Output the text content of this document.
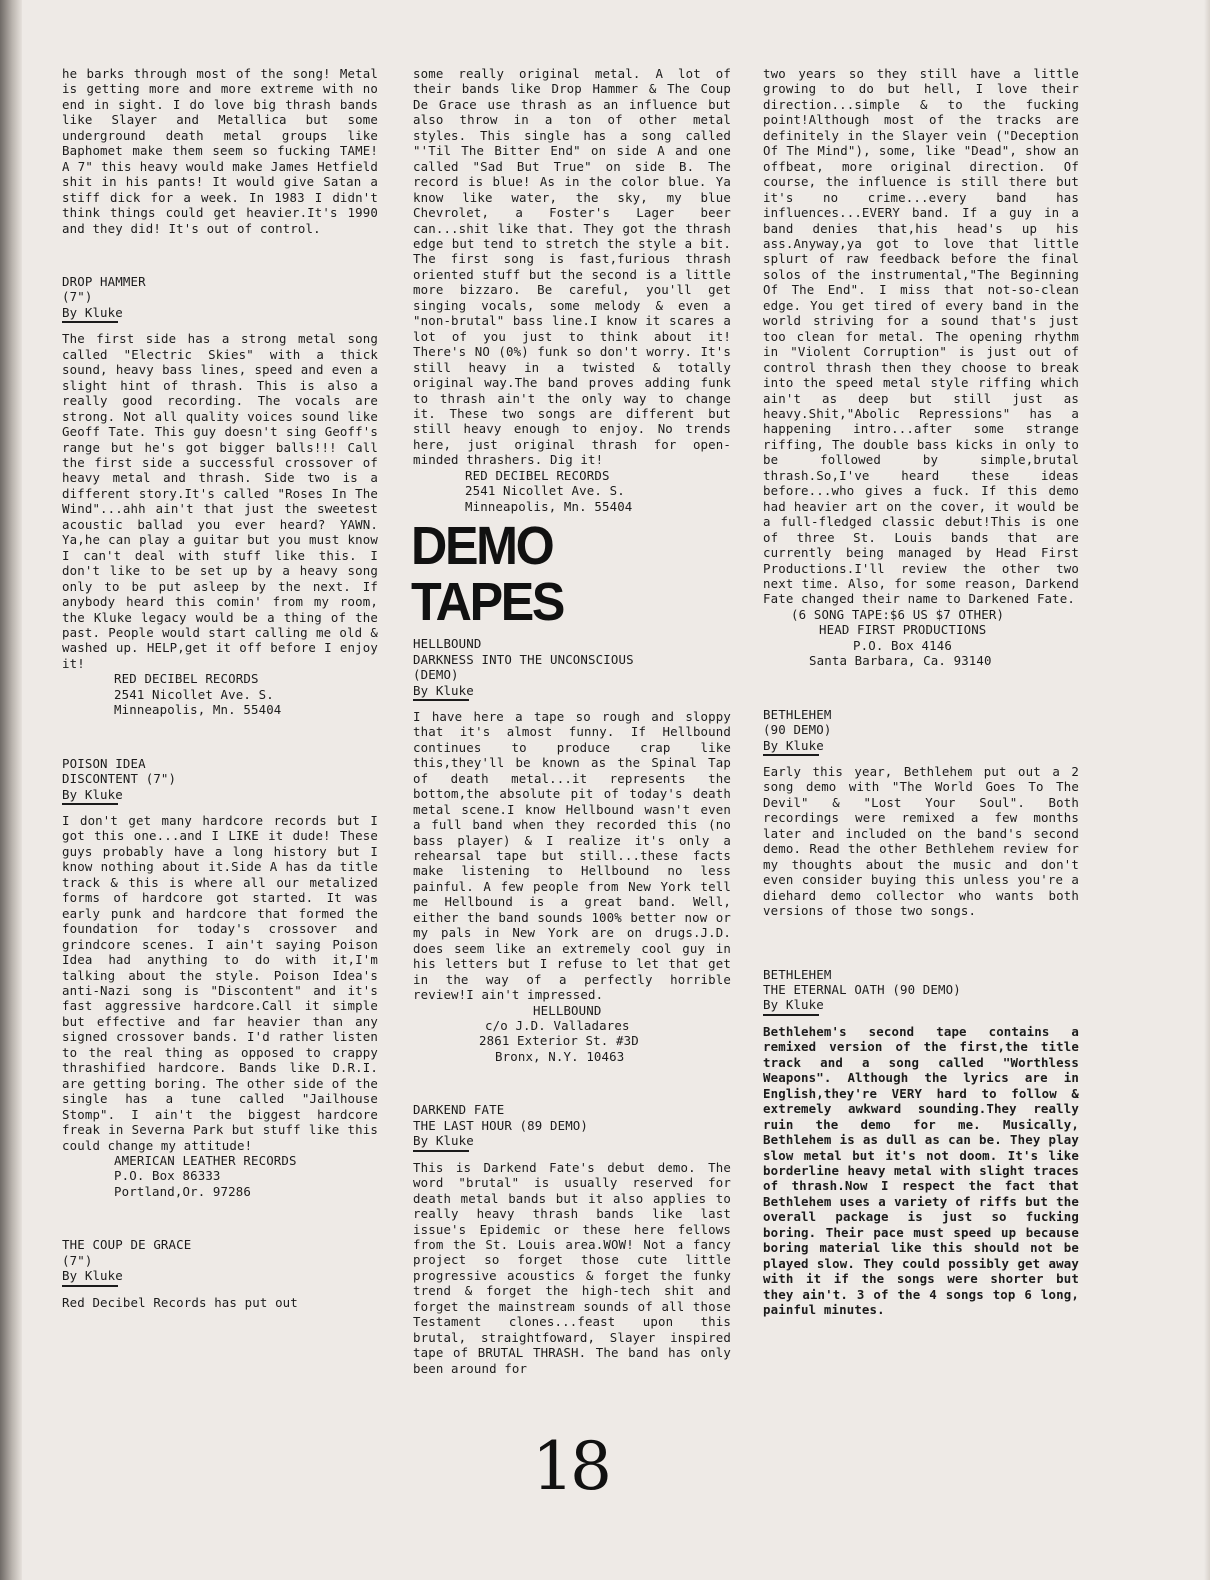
he barks through most of the song! Metal is getting more and more extreme with no end in sight. I do love big thrash bands like Slayer and Metallica but some underground death metal groups like Baphomet make them seem so fucking TAME! A 7" this heavy would make James Hetfield shit in his pants! It would give Satan a stiff dick for a week. In 1983 I didn't think things could get heavier.It's 1990 and they did! It's out of control.

DROP HAMMER
(7")
By Kluke

The first side has a strong metal song called "Electric Skies" with a thick sound, heavy bass lines, speed and even a slight hint of thrash. This is also a really good recording. The vocals are strong. Not all quality voices sound like Geoff Tate. This guy doesn't sing Geoff's range but he's got bigger balls!!! Call the first side a successful crossover of heavy metal and thrash. Side two is a different story.It's called "Roses In The Wind"...ahh ain't that just the sweetest acoustic ballad you ever heard? YAWN. Ya,he can play a guitar but you must know I can't deal with stuff like this. I don't like to be set up by a heavy song only to be put asleep by the next. If anybody heard this comin' from my room, the Kluke legacy would be a thing of the past. People would start calling me old & washed up. HELP,get it off before I enjoy it!

RED DECIBEL RECORDS
2541 Nicollet Ave. S.
Minneapolis, Mn. 55404
POISON IDEA
DISCONTENT (7")
By Kluke

I don't get many hardcore records but I got this one...and I LIKE it dude! These guys probably have a long history but I know nothing about it.Side A has da title track & this is where all our metalized forms of hardcore got started. It was early punk and hardcore that formed the foundation for today's crossover and grindcore scenes. I ain't saying Poison Idea had anything to do with it,I'm talking about the style. Poison Idea's anti-Nazi song is "Discontent" and it's fast aggressive hardcore.Call it simple but effective and far heavier than any signed crossover bands. I'd rather listen to the real thing as opposed to crappy thrashified hardcore. Bands like D.R.I. are getting boring. The other side of the single has a tune called "Jailhouse Stomp". I ain't the biggest hardcore freak in Severna Park but stuff like this could change my attitude!

AMERICAN LEATHER RECORDS
P.O. Box 86333
Portland,Or. 97286
THE COUP DE GRACE
(7")
By Kluke

Red Decibel Records has put out

some really original metal. A lot of their bands like Drop Hammer & The Coup De Grace use thrash as an influence but also throw in a ton of other metal styles. This single has a song called "'Til The Bitter End" on side A and one called "Sad But True" on side B. The record is blue! As in the color blue. Ya know like water, the sky, my blue Chevrolet, a Foster's Lager beer can...shit like that. They got the thrash edge but tend to stretch the style a bit. The first song is fast,furious thrash oriented stuff but the second is a little more bizzaro. Be careful, you'll get singing vocals, some melody & even a "non-brutal" bass line.I know it scares a lot of you just to think about it! There's NO (0%) funk so don't worry. It's still heavy in a twisted & totally original way.The band proves adding funk to thrash ain't the only way to change it. These two songs are different but still heavy enough to enjoy. No trends here, just original thrash for open-minded thrashers. Dig it!

RED DECIBEL RECORDS
2541 Nicollet Ave. S.
Minneapolis, Mn. 55404
DEMO TAPES
HELLBOUND
DARKNESS INTO THE UNCONSCIOUS
(DEMO)
By Kluke

I have here a tape so rough and sloppy that it's almost funny. If Hellbound continues to produce crap like this,they'll be known as the Spinal Tap of death metal...it represents the bottom,the absolute pit of today's death metal scene.I know Hellbound wasn't even a full band when they recorded this (no bass player) & I realize it's only a rehearsal tape but still...these facts make listening to Hellbound no less painful. A few people from New York tell me Hellbound is a great band. Well, either the band sounds 100% better now or my pals in New York are on drugs.J.D. does seem like an extremely cool guy in his letters but I refuse to let that get in the way of a perfectly horrible review!I ain't impressed.

HELLBOUND
c/o J.D. Valladares
2861 Exterior St. #3D
Bronx, N.Y. 10463
DARKEND FATE
THE LAST HOUR (89 DEMO)
By Kluke

This is Darkend Fate's debut demo. The word "brutal" is usually reserved for death metal bands but it also applies to really heavy thrash bands like last issue's Epidemic or these here fellows from the St. Louis area.WOW! Not a fancy project so forget those cute little progressive acoustics & forget the funky trend & forget the high-tech shit and forget the mainstream sounds of all those Testament clones...feast upon this brutal, straightfoward, Slayer inspired tape of BRUTAL THRASH. The band has only been around for

two years so they still have a little growing to do but hell, I love their direction...simple & to the fucking point!Although most of the tracks are definitely in the Slayer vein ("Deception Of The Mind"), some, like "Dead", show an offbeat, more original direction. Of course, the influence is still there but it's no crime...every band has influences...EVERY band. If a guy in a band denies that,his head's up his ass.Anyway,ya got to love that little splurt of raw feedback before the final solos of the instrumental,"The Beginning Of The End". I miss that not-so-clean edge. You get tired of every band in the world striving for a sound that's just too clean for metal. The opening rhythm in "Violent Corruption" is just out of control thrash then they choose to break into the speed metal style riffing which ain't as deep but still just as heavy.Shit,"Abolic Repressions" has a happening intro...after some strange riffing, The double bass kicks in only to be followed by simple,brutal thrash.So,I've heard these ideas before...who gives a fuck. If this demo had heavier art on the cover, it would be a full-fledged classic debut!This is one of three St. Louis bands that are currently being managed by Head First Productions.I'll review the other two next time. Also, for some reason, Darkend Fate changed their name to Darkened Fate.

(6 SONG TAPE:$6 US $7 OTHER)
HEAD FIRST PRODUCTIONS
P.O. Box 4146
Santa Barbara, Ca. 93140
BETHLEHEM
(90 DEMO)
By Kluke

Early this year, Bethlehem put out a 2 song demo with "The World Goes To The Devil" & "Lost Your Soul". Both recordings were remixed a few months later and included on the band's second demo. Read the other Bethlehem review for my thoughts about the music and don't even consider buying this unless you're a diehard demo collector who wants both versions of those two songs.

BETHLEHEM
THE ETERNAL OATH (90 DEMO)
By Kluke

Bethlehem's second tape contains a remixed version of the first,the title track and a song called "Worthless Weapons". Although the lyrics are in English,they're VERY hard to follow & extremely awkward sounding.They really ruin the demo for me. Musically, Bethlehem is as dull as can be. They play slow metal but it's not doom. It's like borderline heavy metal with slight traces of thrash.Now I respect the fact that Bethlehem uses a variety of riffs but the overall package is just so fucking boring. Their pace must speed up because boring material like this should not be played slow. They could possibly get away with it if the songs were shorter but they ain't. 3 of the 4 songs top 6 long, painful minutes.

18
